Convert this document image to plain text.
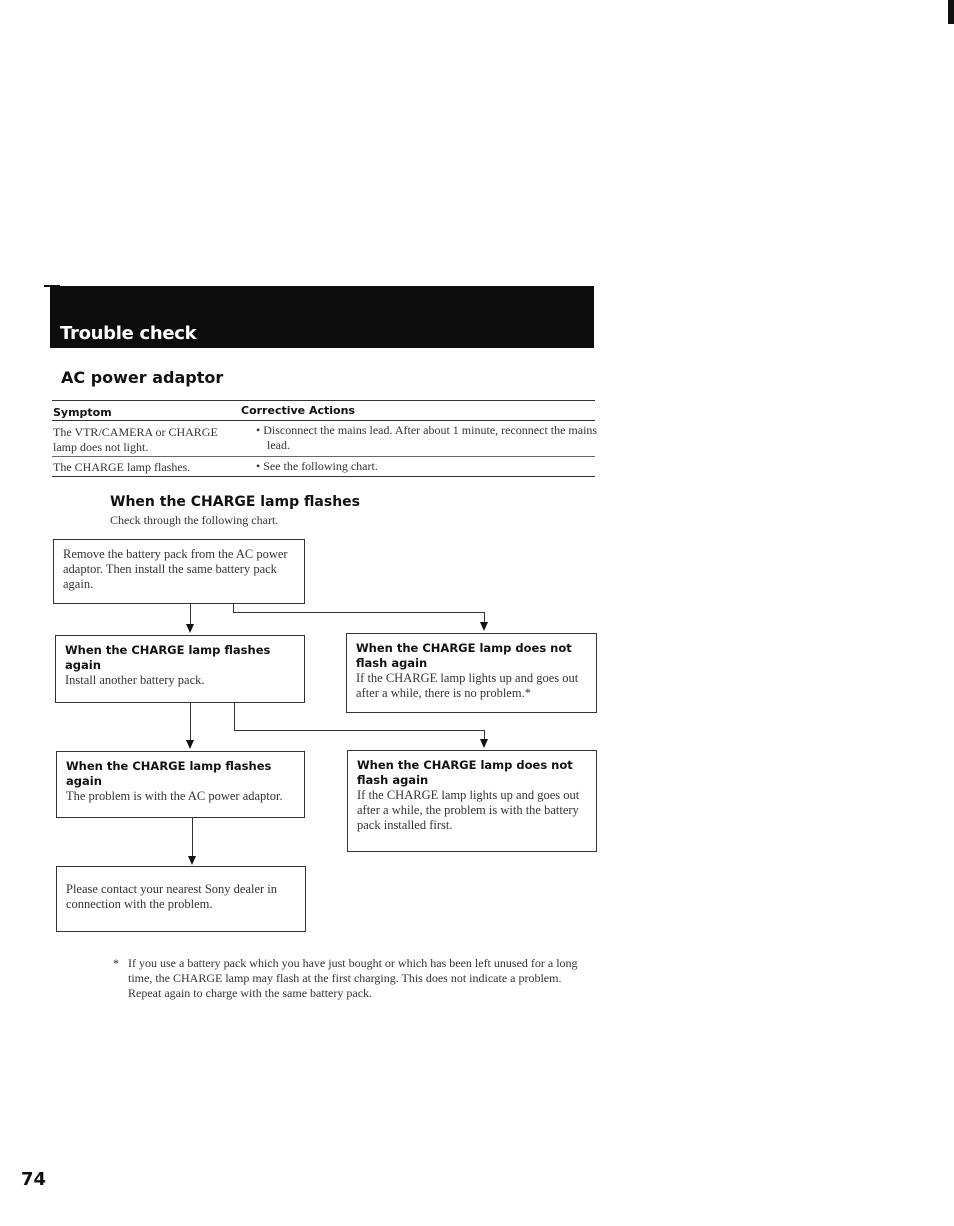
Trouble check
AC power adaptor
Symptom	Corrective Actions
The VTR/CAMERA or CHARGE lamp does not light.
• Disconnect the mains lead. After about 1 minute, reconnect the mains lead.
The CHARGE lamp flashes.	• See the following chart.
When the CHARGE lamp flashes
Check through the following chart.
Remove the battery pack from the AC power adaptor. Then install the same battery pack again.
When the CHARGE lamp flashes again
Install another battery pack.
When the CHARGE lamp does not flash again
If the CHARGE lamp lights up and goes out after a while, there is no problem.*
When the CHARGE lamp flashes again
The problem is with the AC power adaptor.
When the CHARGE lamp does not flash again
If the CHARGE lamp lights up and goes out after a while, the problem is with the battery pack installed first.
Please contact your nearest Sony dealer in connection with the problem.
* If you use a battery pack which you have just bought or which has been left unused for a long time, the CHARGE lamp may flash at the first charging. This does not indicate a problem. Repeat again to charge with the same battery pack.
74
